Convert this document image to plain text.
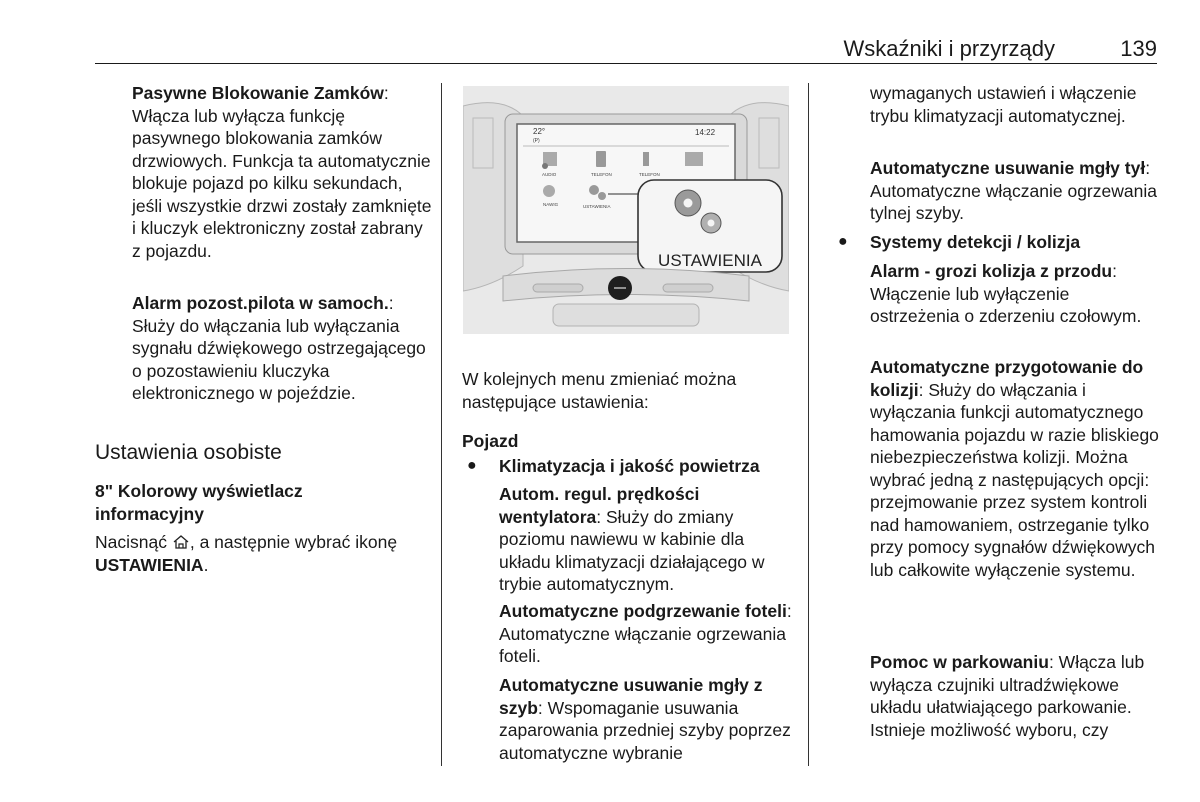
Wskaźniki i przyrządy	139

Pasywne Blokowanie Zamków: Włącza lub wyłącza funkcję pasywnego blokowania zamków drzwiowych. Funkcja ta automatycznie blokuje pojazd po kilku sekundach, jeśli wszystkie drzwi zostały zamknięte i kluczyk elektroniczny został zabrany z pojazdu.

Alarm pozost.pilota w samoch.: Służy do włączania lub wyłączania sygnału dźwiękowego ostrzegającego o pozostawieniu kluczyka elektronicznego w pojeździe.

Ustawienia osobiste
8" Kolorowy wyświetlacz informacyjny
Nacisnąć , a następnie wybrać ikonę USTAWIENIA.
22°
(P)
14:22
AUDIO	TELEFON	TELEFON
NAWIG	USTAWIENIA
USTAWIENIA
W kolejnych menu zmieniać można następujące ustawienia:
Pojazd
● Klimatyzacja i jakość powietrza

Autom. regul. prędkości wentylatora: Służy do zmiany poziomu nawiewu w kabinie dla układu klimatyzacji działającego w trybie automatycznym.

Automatyczne podgrzewanie foteli: Automatyczne włączanie ogrzewania foteli.

Automatyczne usuwanie mgły z szyb: Wspomaganie usuwania zaparowania przedniej szyby poprzez automatyczne wybranie

wymaganych ustawień i włączenie trybu klimatyzacji automatycznej.

Automatyczne usuwanie mgły tył: Automatyczne włączanie ogrzewania tylnej szyby.

● Systemy detekcji / kolizja

Alarm - grozi kolizja z przodu: Włączenie lub wyłączenie ostrzeżenia o zderzeniu czołowym.

Automatyczne przygotowanie do kolizji: Służy do włączania i wyłączania funkcji automatycznego hamowania pojazdu w razie bliskiego niebezpieczeństwa kolizji. Można wybrać jedną z następujących opcji: przejmowanie przez system kontroli nad hamowaniem, ostrzeganie tylko przy pomocy sygnałów dźwiękowych lub całkowite wyłączenie systemu.

Pomoc w parkowaniu: Włącza lub wyłącza czujniki ultradźwiękowe układu ułatwiającego parkowanie. Istnieje możliwość wyboru, czy
